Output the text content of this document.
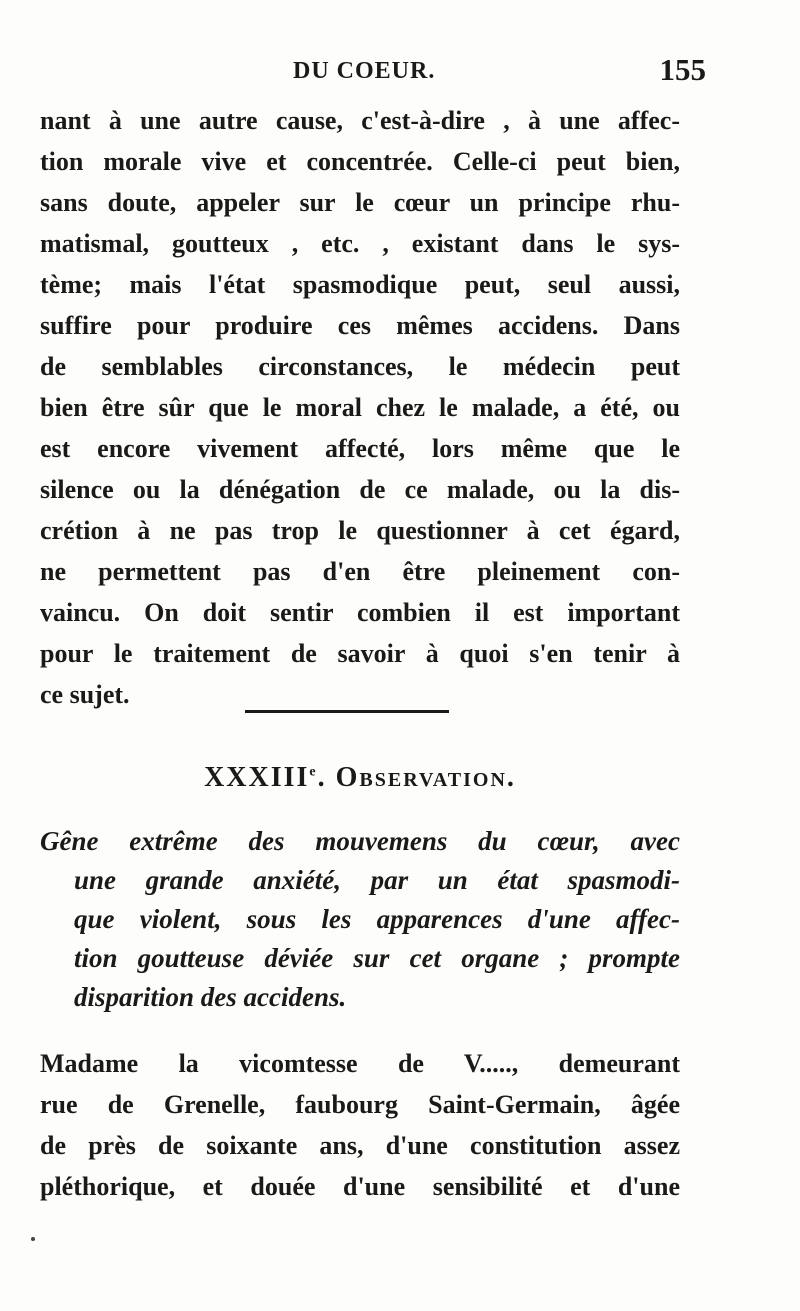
DU COEUR.	155
nant à une autre cause, c'est-à-dire , à une affec-
tion morale vive et concentrée. Celle-ci peut bien,
sans doute, appeler sur le cœur un principe rhu-
matismal, goutteux , etc. , existant dans le sys-
tème; mais l'état spasmodique peut, seul aussi,
suffire pour produire ces mêmes accidens. Dans
de semblables circonstances, le médecin peut
bien être sûr que le moral chez le malade, a été, ou
est encore vivement affecté, lors même que le
silence ou la dénégation de ce malade, ou la dis-
crétion à ne pas trop le questionner à cet égard,
ne permettent pas d'en être pleinement con-
vaincu. On doit sentir combien il est important
pour le traitement de savoir à quoi s'en tenir à
ce sujet.
XXXIIIe. Observation.
Gêne extrême des mouvemens du cœur, avec
une grande anxiété, par un état spasmodi-
que violent, sous les apparences d'une affec-
tion goutteuse déviée sur cet organe ; prompte
disparition des accidens.
Madame la vicomtesse de V....., demeurant
rue de Grenelle, faubourg Saint-Germain, âgée
de près de soixante ans, d'une constitution assez
pléthorique, et douée d'une sensibilité et d'une
